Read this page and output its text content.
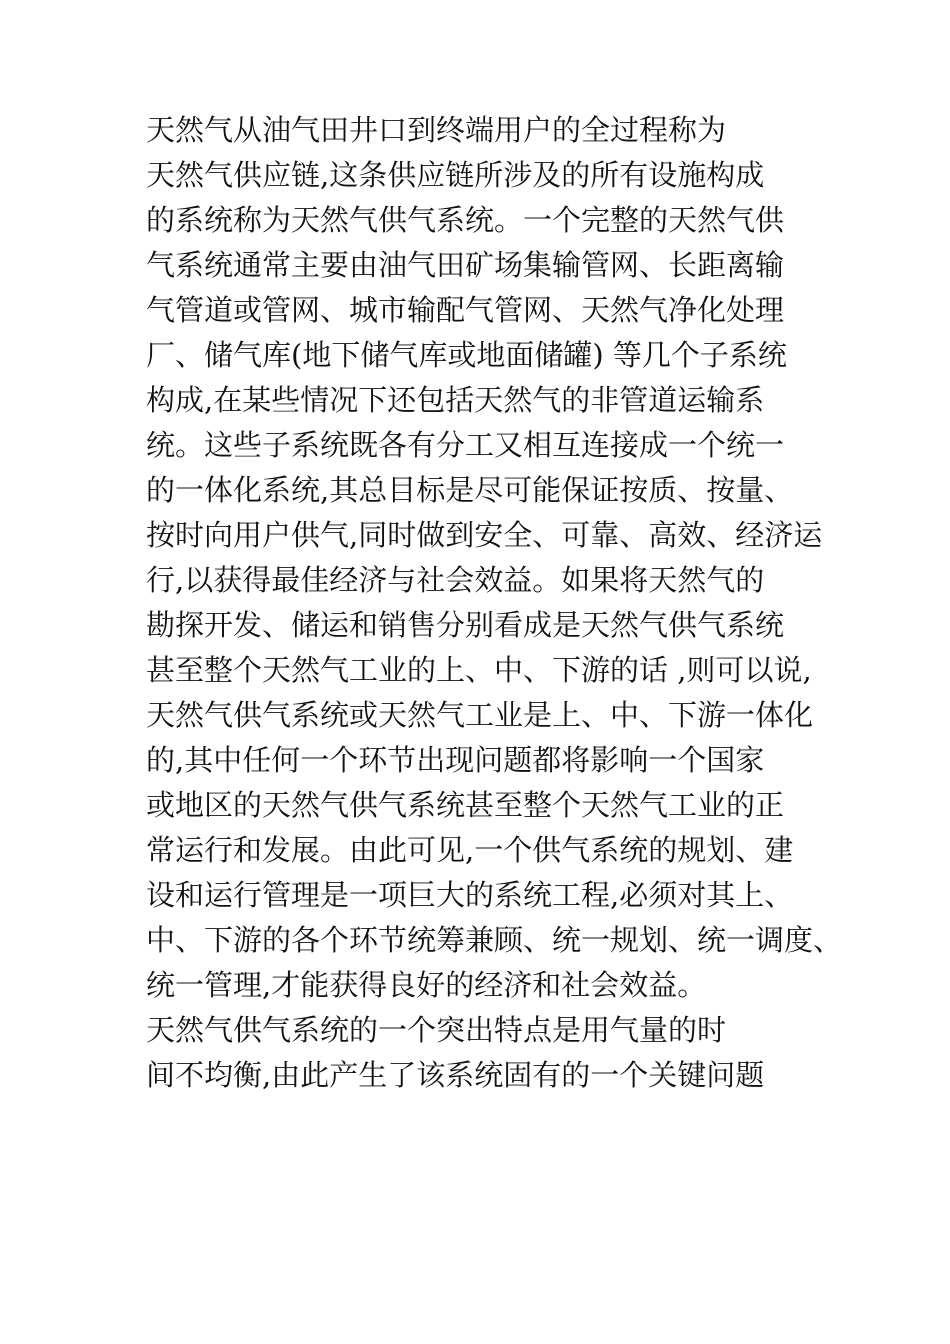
天然气从油气田井口到终端用户的全过程称为
天然气供应链,这条供应链所涉及的所有设施构成
的系统称为天然气供气系统。一个完整的天然气供
气系统通常主要由油气田矿场集输管网、长距离输
气管道或管网、城市输配气管网、天然气净化处理
厂、储气库(地下储气库或地面储罐) 等几个子系统
构成,在某些情况下还包括天然气的非管道运输系
统。这些子系统既各有分工又相互连接成一个统一
的一体化系统,其总目标是尽可能保证按质、按量、
按时向用户供气,同时做到安全、可靠、高效、经济运
行,以获得最佳经济与社会效益。如果将天然气的
勘探开发、储运和销售分别看成是天然气供气系统
甚至整个天然气工业的上、中、下游的话 ,则可以说,
天然气供气系统或天然气工业是上、中、下游一体化
的,其中任何一个环节出现问题都将影响一个国家
或地区的天然气供气系统甚至整个天然气工业的正
常运行和发展。由此可见,一个供气系统的规划、建
设和运行管理是一项巨大的系统工程,必须对其上、
中、下游的各个环节统筹兼顾、统一规划、统一调度、
统一管理,才能获得良好的经济和社会效益。
天然气供气系统的一个突出特点是用气量的时
间不均衡,由此产生了该系统固有的一个关键问题
